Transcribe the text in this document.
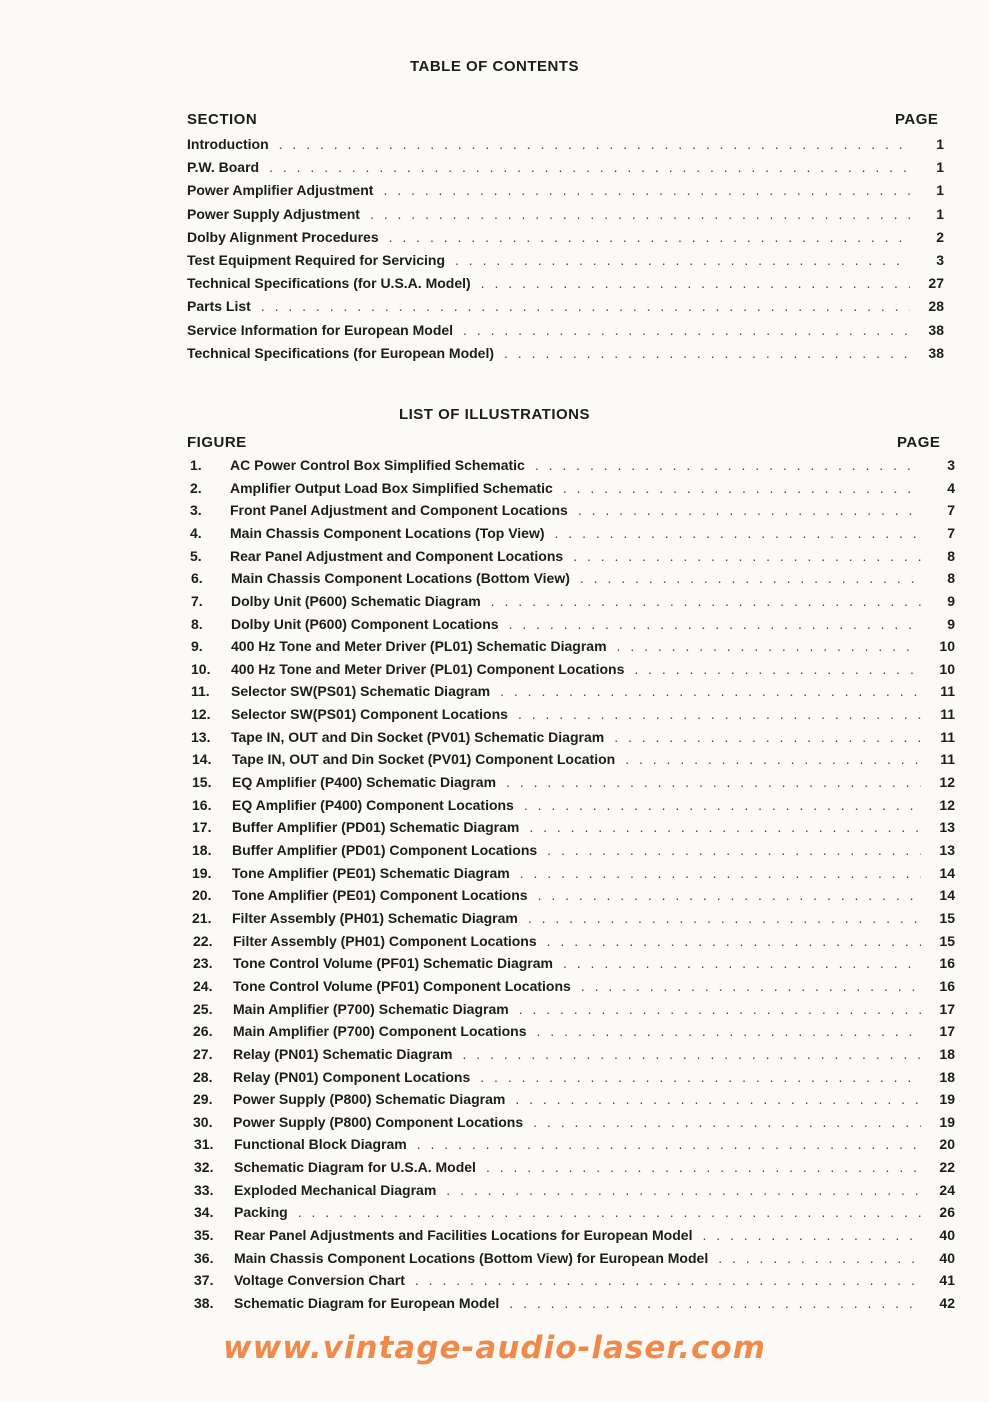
TABLE OF CONTENTS
SECTION	PAGE
Introduction . . .	1
P.W. Board . . .	1
Power Amplifier Adjustment . . .	1
Power Supply Adjustment . . .	1
Dolby Alignment Procedures . . .	2
Test Equipment Required for Servicing . . .	3
Technical Specifications (for U.S.A. Model) . . .	27
Parts List . . .	28
Service Information for European Model . . .	38
Technical Specifications (for European Model) . . .	38
LIST OF ILLUSTRATIONS
FIGURE	PAGE
1.	AC Power Control Box Simplified Schematic . . .	3
2.	Amplifier Output Load Box Simplified Schematic . . .	4
3.	Front Panel Adjustment and Component Locations . . .	7
4.	Main Chassis Component Locations (Top View) . . .	7
5.	Rear Panel Adjustment and Component Locations . . .	8
6.	Main Chassis Component Locations (Bottom View) . . .	8
7.	Dolby Unit (P600) Schematic Diagram . . .	9
8.	Dolby Unit (P600) Component Locations . . .	9
9.	400 Hz Tone and Meter Driver (PL01) Schematic Diagram . . .	10
10.	400 Hz Tone and Meter Driver (PL01) Component Locations . . .	10
11.	Selector SW(PS01) Schematic Diagram . . .	11
12.	Selector SW(PS01) Component Locations . . .	11
13.	Tape IN, OUT and Din Socket (PV01) Schematic Diagram . . .	11
14.	Tape IN, OUT and Din Socket (PV01) Component Location . . .	11
15.	EQ Amplifier (P400) Schematic Diagram . . .	12
16.	EQ Amplifier (P400) Component Locations . . .	12
17.	Buffer Amplifier (PD01) Schematic Diagram . . .	13
18.	Buffer Amplifier (PD01) Component Locations . . .	13
19.	Tone Amplifier (PE01) Schematic Diagram . . .	14
20.	Tone Amplifier (PE01) Component Locations . . .	14
21.	Filter Assembly (PH01) Schematic Diagram . . .	15
22.	Filter Assembly (PH01) Component Locations . . .	15
23.	Tone Control Volume (PF01) Schematic Diagram . . .	16
24.	Tone Control Volume (PF01) Component Locations . . .	16
25.	Main Amplifier (P700) Schematic Diagram . . .	17
26.	Main Amplifier (P700) Component Locations . . .	17
27.	Relay (PN01) Schematic Diagram . . .	18
28.	Relay (PN01) Component Locations . . .	18
29.	Power Supply (P800) Schematic Diagram . . .	19
30.	Power Supply (P800) Component Locations . . .	19
31.	Functional Block Diagram . . .	20
32.	Schematic Diagram for U.S.A. Model . . .	22
33.	Exploded Mechanical Diagram . . .	24
34.	Packing . . .	26
35.	Rear Panel Adjustments and Facilities Locations for European Model . . .	40
36.	Main Chassis Component Locations (Bottom View) for European Model . . .	40
37.	Voltage Conversion Chart . . .	41
38.	Schematic Diagram for European Model . . .	42
www.vintage-audio-laser.com
